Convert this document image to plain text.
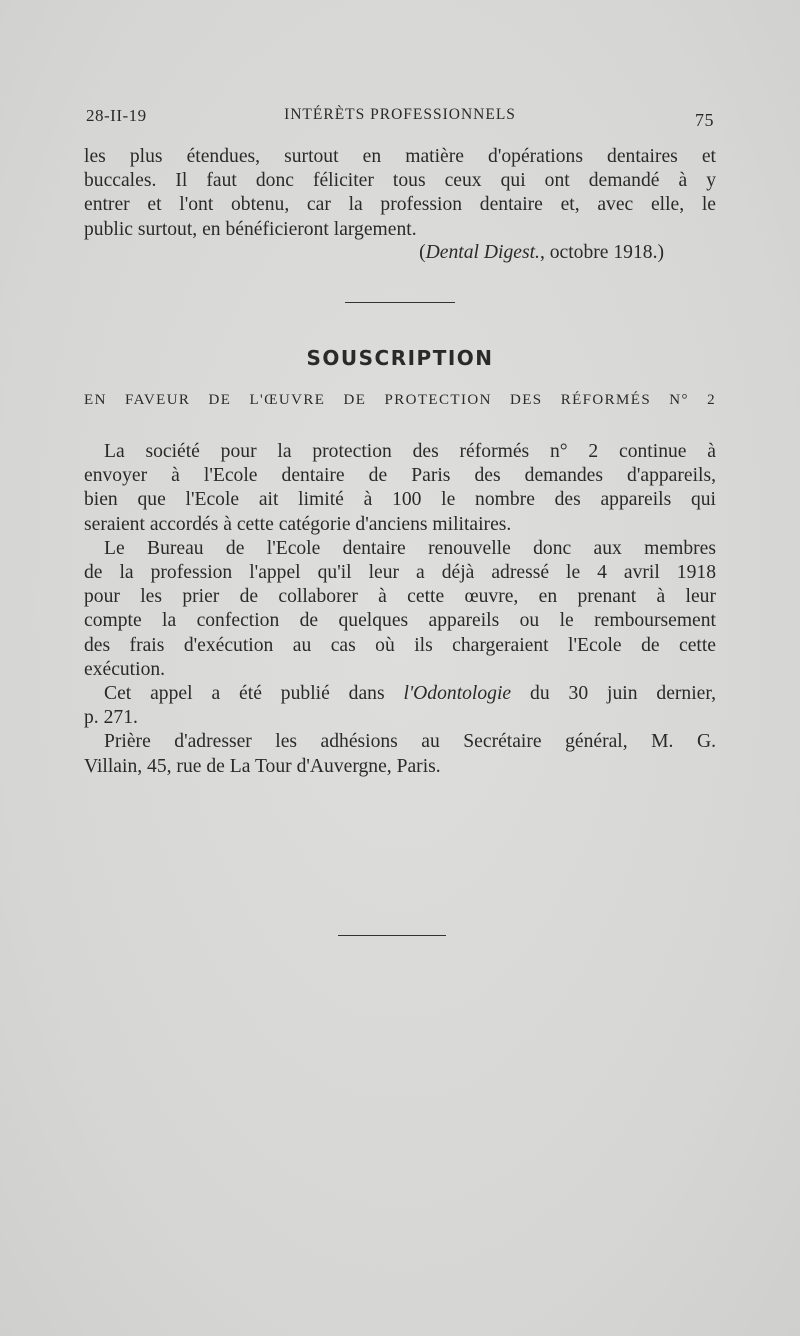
28-II-19	INTÉRÈTS PROFESSIONNELS	75
les plus étendues, surtout en matière d'opérations dentaires et
buccales. Il faut donc féliciter tous ceux qui ont demandé à y
entrer et l'ont obtenu, car la profession dentaire et, avec elle, le
public surtout, en bénéficieront largement.
(Dental Digest., octobre 1918.)
SOUSCRIPTION
EN FAVEUR DE L'ŒUVRE DE PROTECTION DES RÉFORMÉS N° 2
La société pour la protection des réformés n° 2 continue à
envoyer à l'Ecole dentaire de Paris des demandes d'appareils,
bien que l'Ecole ait limité à 100 le nombre des appareils qui
seraient accordés à cette catégorie d'anciens militaires.
Le Bureau de l'Ecole dentaire renouvelle donc aux membres
de la profession l'appel qu'il leur a déjà adressé le 4 avril 1918
pour les prier de collaborer à cette œuvre, en prenant à leur
compte la confection de quelques appareils ou le remboursement
des frais d'exécution au cas où ils chargeraient l'Ecole de cette
exécution.
Cet appel a été publié dans l'Odontologie du 30 juin dernier,
p. 271.
Prière d'adresser les adhésions au Secrétaire général, M. G.
Villain, 45, rue de La Tour d'Auvergne, Paris.
